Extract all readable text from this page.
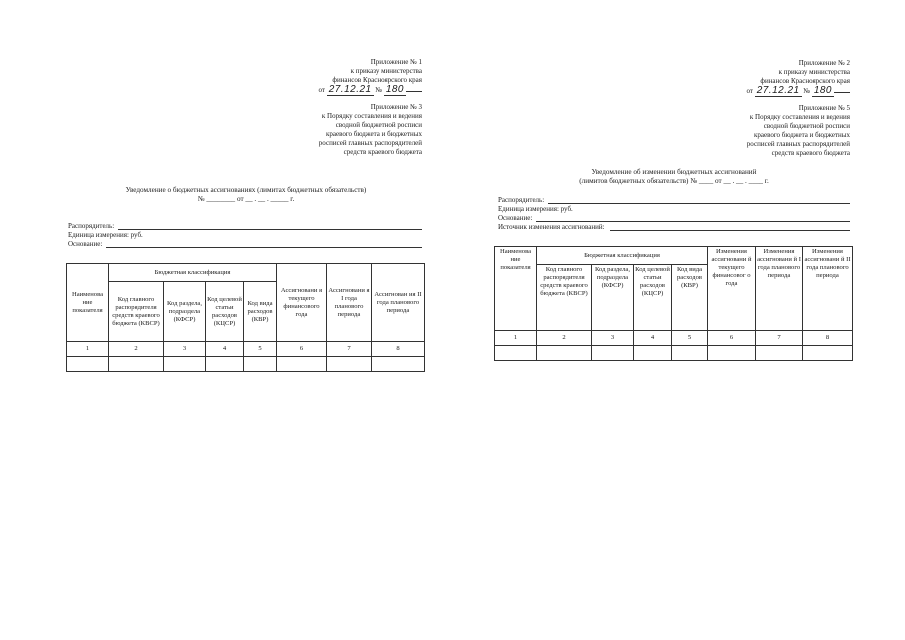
Приложение № 1
к приказу министерства
финансов Красноярского края
от 27.12.21 № 180
Приложение № 3
к Порядку составления и ведения
сводной бюджетной росписи
краевого бюджета и бюджетных
росписей главных распорядителей
средств краевого бюджета
Уведомление о бюджетных ассигнованиях (лимитах бюджетных обязательств)
№ ________ от __ . __ . _____ г.
Распорядитель:
Единица измерения: руб.
Основание:
Наименова ние показателя	Бюджетная классификация				Ассигновани я текущего финансового года	Ассигновани я I года планового периода	Ассигнован ия II года планового периода
	Код главного распорядителя средств краевого бюджета (КВСР)	Код раздела, подраздела (КФСР)	Код целевой статьи расходов (КЦСР)	Код вида расходов (КВР)			
1	2	3	4	5	6	7	8

Приложение № 2
к приказу министерства
финансов Красноярского края
от 27.12.21 № 180
Приложение № 5
к Порядку составления и ведения
сводной бюджетной росписи
краевого бюджета и бюджетных
росписей главных распорядителей
средств краевого бюджета
Уведомление об изменении бюджетных ассигнований
(лимитов бюджетных обязательств) № ____ от __ . __ . ____ г.
Распорядитель:
Единица измерения: руб.
Основание:
Источник изменения ассигнований:
Наименова ние показателя	Бюджетная классификация				Изменения ассигновани й текущего финансовог о года	Изменения ассигновани й I года планового периода	Изменения ассигновани й II года планового периода
	Код главного распорядителя средств краевого бюджета (КВСР)	Код раздела, подраздела (КФСР)	Код целевой статьи расходов (КЦСР)	Код вида расходов (КВР)			
1	2	3	4	5	6	7	8
